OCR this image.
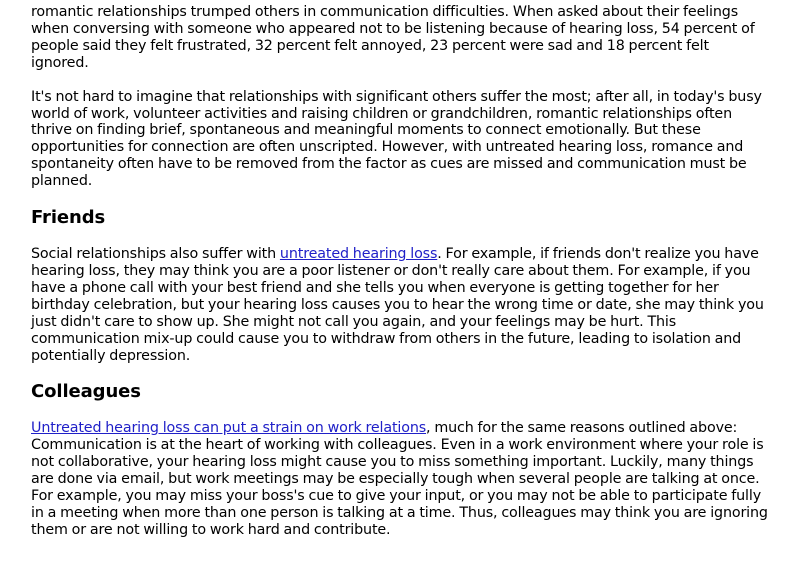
romantic relationships trumped others in communication difficulties. When asked about their feelings when conversing with someone who appeared not to be listening because of hearing loss, 54 percent of people said they felt frustrated, 32 percent felt annoyed, 23 percent were sad and 18 percent felt ignored.

It's not hard to imagine that relationships with significant others suffer the most; after all, in today's busy world of work, volunteer activities and raising children or grandchildren, romantic relationships often thrive on finding brief, spontaneous and meaningful moments to connect emotionally. But these opportunities for connection are often unscripted. However, with untreated hearing loss, romance and spontaneity often have to be removed from the factor as cues are missed and communication must be planned.

Friends

Social relationships also suffer with untreated hearing loss. For example, if friends don't realize you have hearing loss, they may think you are a poor listener or don't really care about them. For example, if you have a phone call with your best friend and she tells you when everyone is getting together for her birthday celebration, but your hearing loss causes you to hear the wrong time or date, she may think you just didn't care to show up. She might not call you again, and your feelings may be hurt. This communication mix-up could cause you to withdraw from others in the future, leading to isolation and potentially depression.

Colleagues

Untreated hearing loss can put a strain on work relations, much for the same reasons outlined above: Communication is at the heart of working with colleagues. Even in a work environment where your role is not collaborative, your hearing loss might cause you to miss something important. Luckily, many things are done via email, but work meetings may be especially tough when several people are talking at once. For example, you may miss your boss's cue to give your input, or you may not be able to participate fully in a meeting when more than one person is talking at a time. Thus, colleagues may think you are ignoring them or are not willing to work hard and contribute.
